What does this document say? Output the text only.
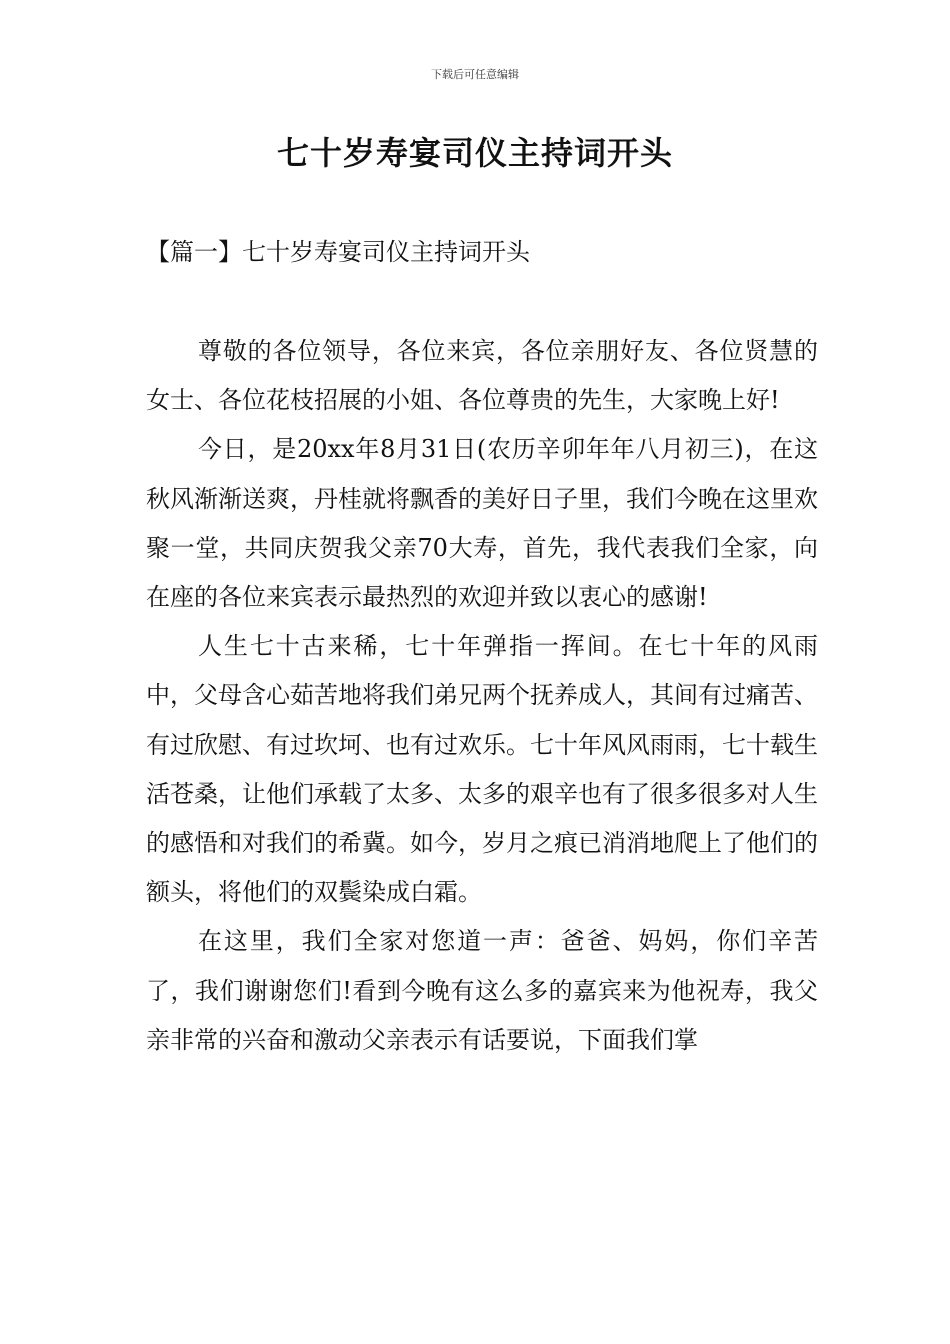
下载后可任意编辑
七十岁寿宴司仪主持词开头
【篇一】七十岁寿宴司仪主持词开头

尊敬的各位领导，各位来宾，各位亲朋好友、各位贤慧的女士、各位花枝招展的小姐、各位尊贵的先生，大家晚上好!

今日，是20xx年8月31日(农历辛卯年年八月初三)，在这秋风渐渐送爽，丹桂就将飘香的美好日子里，我们今晚在这里欢聚一堂，共同庆贺我父亲70大寿，首先，我代表我们全家，向在座的各位来宾表示最热烈的欢迎并致以衷心的感谢!

人生七十古来稀，七十年弹指一挥间。在七十年的风雨中，父母含心茹苦地将我们弟兄两个抚养成人，其间有过痛苦、有过欣慰、有过坎坷、也有过欢乐。七十年风风雨雨，七十载生活苍桑，让他们承载了太多、太多的艰辛也有了很多很多对人生的感悟和对我们的希冀。如今，岁月之痕已消消地爬上了他们的额头，将他们的双鬓染成白霜。

在这里，我们全家对您道一声：爸爸、妈妈，你们辛苦了，我们谢谢您们!看到今晚有这么多的嘉宾来为他祝寿，我父亲非常的兴奋和激动父亲表示有话要说，下面我们掌
